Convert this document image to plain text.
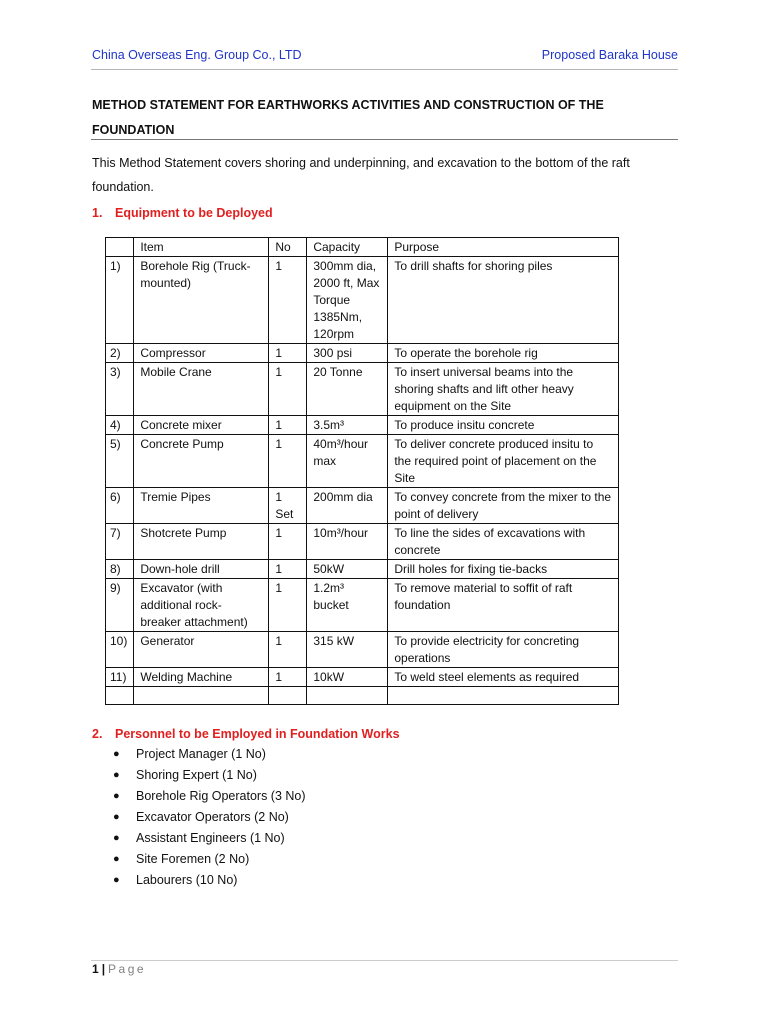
China Overseas Eng. Group Co., LTD	Proposed Baraka House
METHOD STATEMENT FOR EARTHWORKS ACTIVITIES AND CONSTRUCTION OF THE FOUNDATION
This Method Statement covers shoring and underpinning, and excavation to the bottom of the raft foundation.
1. Equipment to be Deployed
	Item	No	Capacity	Purpose
1)	Borehole Rig (Truck-mounted)	1	300mm dia, 2000 ft, Max Torque 1385Nm, 120rpm	To drill shafts for shoring piles
2)	Compressor	1	300 psi	To operate the borehole rig
3)	Mobile Crane	1	20 Tonne	To insert universal beams into the shoring shafts and lift other heavy equipment on the Site
4)	Concrete mixer	1	3.5m³	To produce insitu concrete
5)	Concrete Pump	1	40m³/hour max	To deliver concrete produced insitu to the required point of placement on the Site
6)	Tremie Pipes	1 Set	200mm dia	To convey concrete from the mixer to the point of delivery
7)	Shotcrete Pump	1	10m³/hour	To line the sides of excavations with concrete
8)	Down-hole drill	1	50kW	Drill holes for fixing tie-backs
9)	Excavator (with additional rock-breaker attachment)	1	1.2m³ bucket	To remove material to soffit of raft foundation
10)	Generator	1	315 kW	To provide electricity for concreting operations
11)	Welding Machine	1	10kW	To weld steel elements as required

2. Personnel to be Employed in Foundation Works
● Project Manager (1 No)
● Shoring Expert (1 No)
● Borehole Rig Operators (3 No)
● Excavator Operators (2 No)
● Assistant Engineers (1 No)
● Site Foremen (2 No)
● Labourers (10 No)
1 | Page
